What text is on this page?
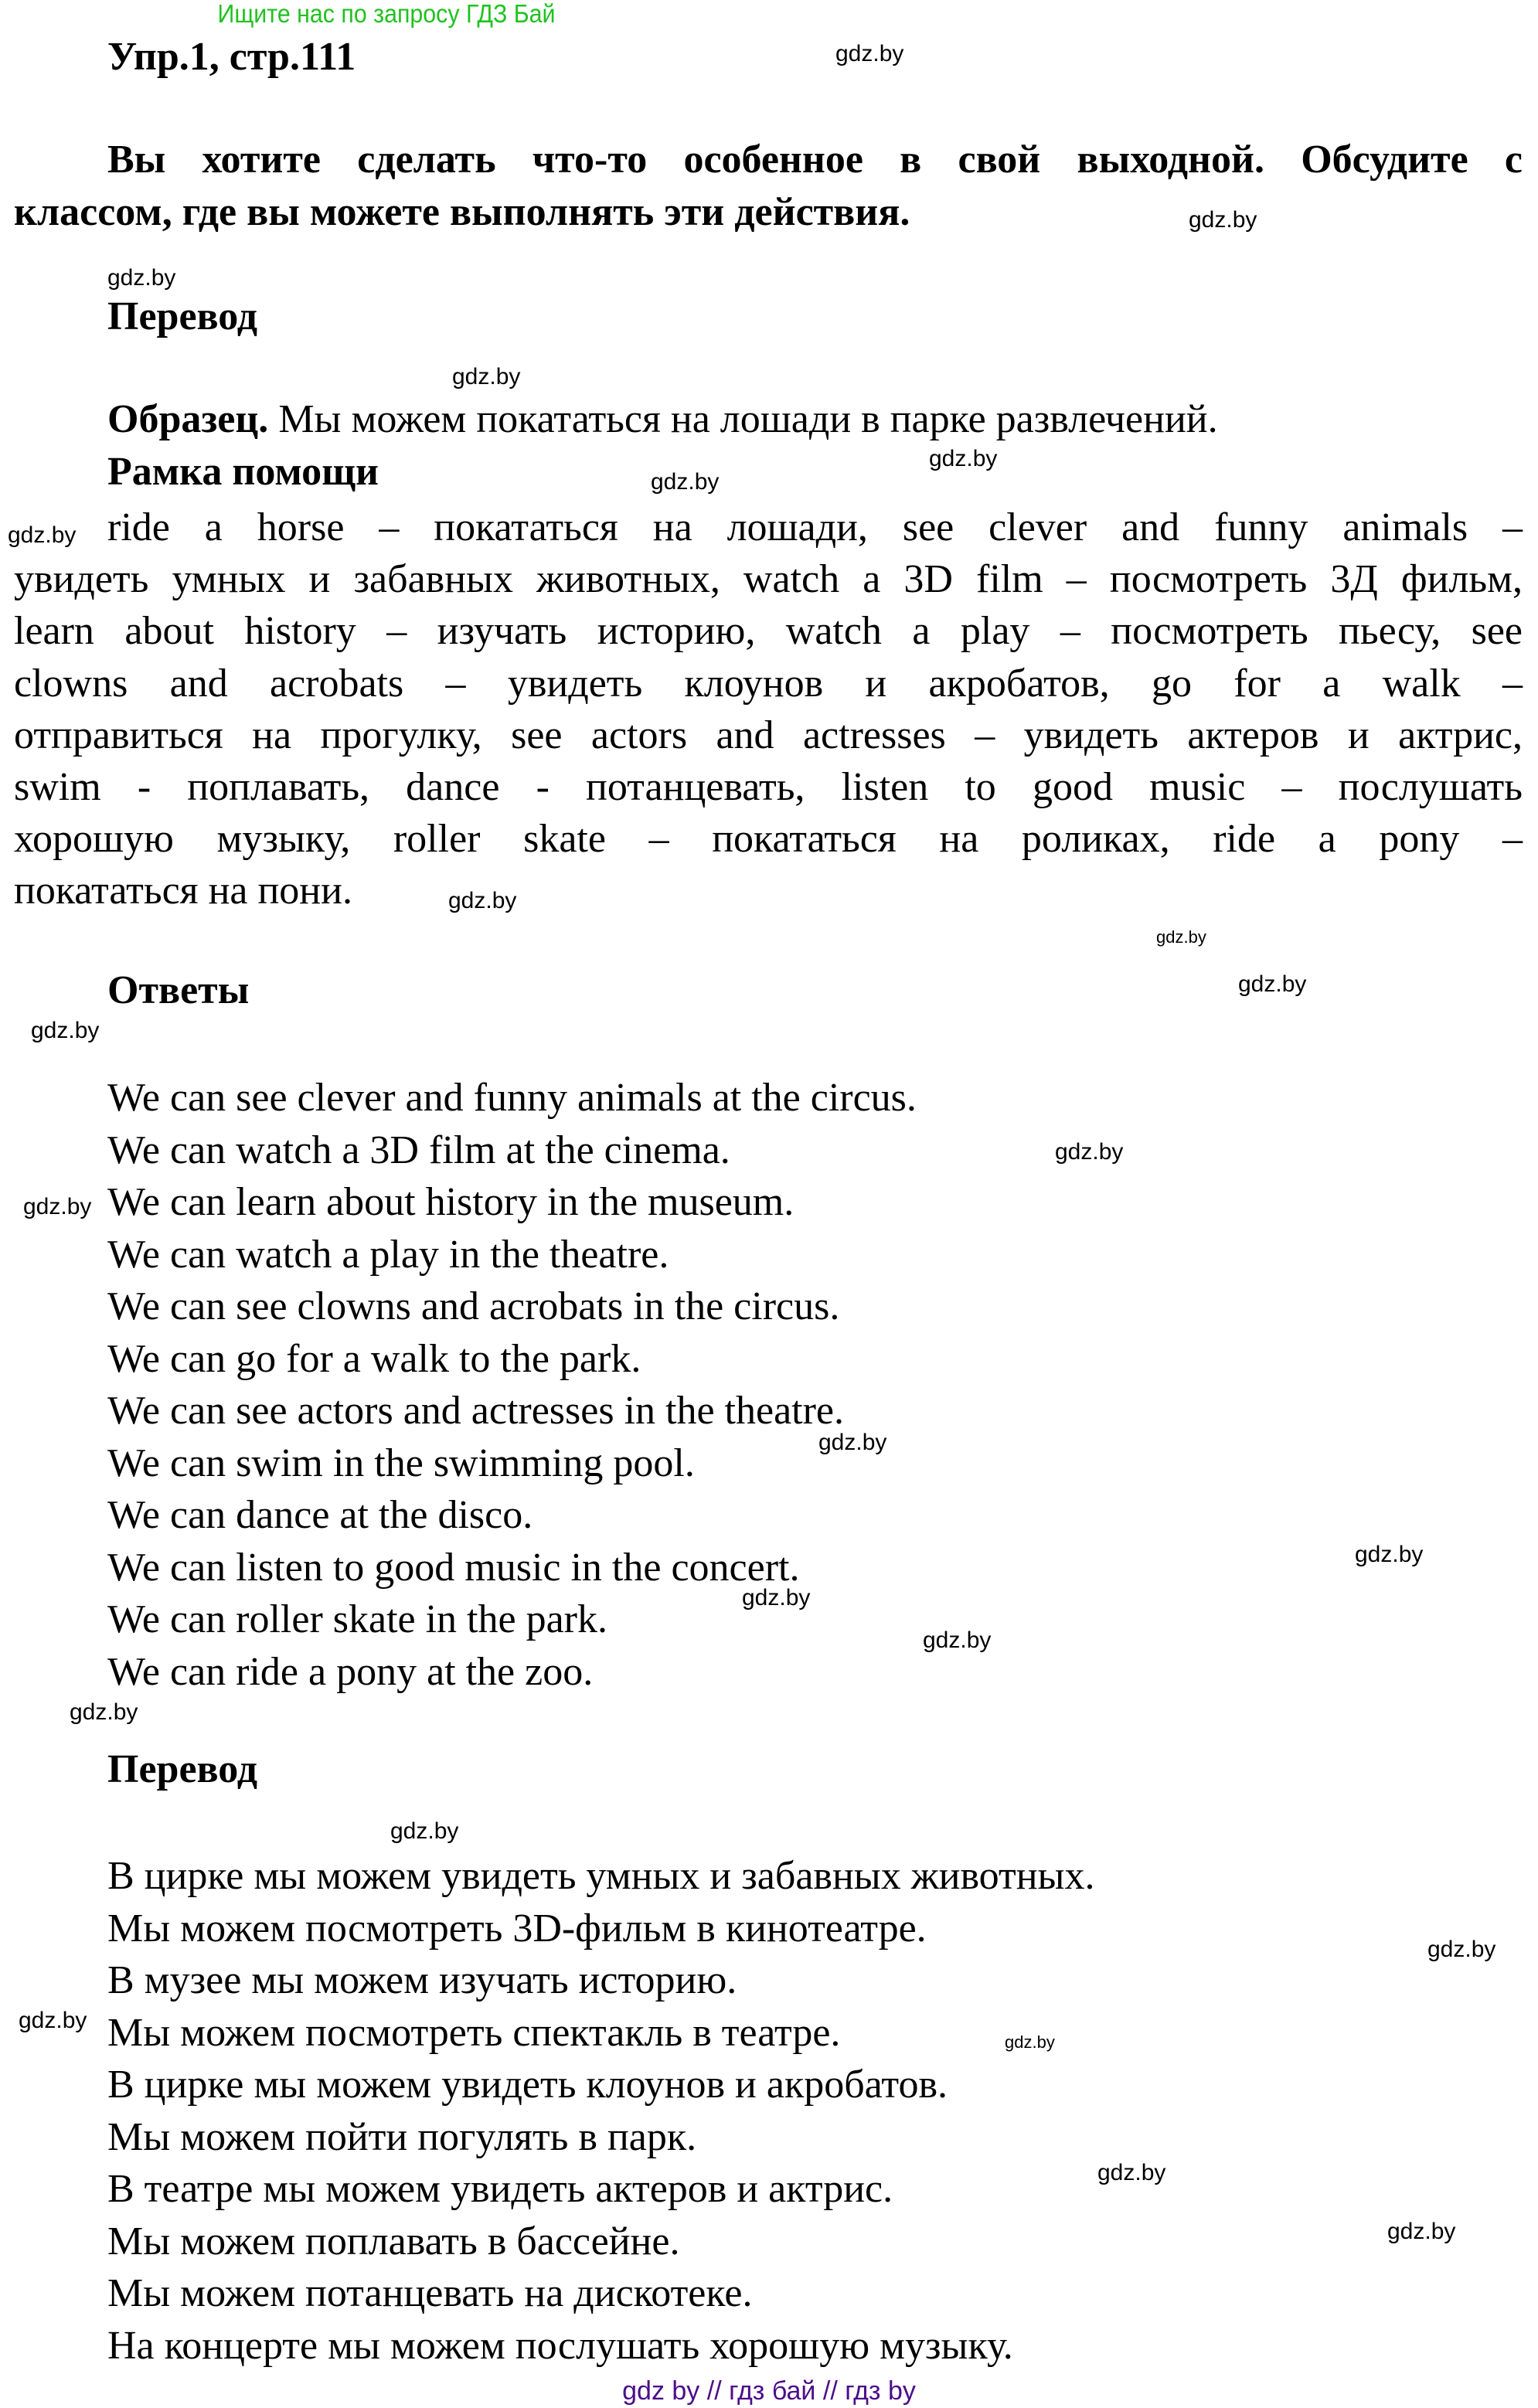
Ищите нас по запросу ГДЗ Бай
Упр.1, стр.111
Вы хотите сделать что-то особенное в свой выходной. Обсудите с
классом, где вы можете выполнять эти действия.
Перевод
Образец. Мы можем покататься на лошади в парке развлечений.
Рамка помощи
ride a horse – покататься на лошади, see clever and funny animals –
увидеть умных и забавных животных, watch a 3D film – посмотреть 3Д фильм,
learn about history – изучать историю, watch a play – посмотреть пьесу, see
clowns and acrobats – увидеть клоунов и акробатов, go for a walk –
отправиться на прогулку, see actors and actresses – увидеть актеров и актрис,
swim - поплавать, dance - потанцевать, listen to good music – послушать
хорошую музыку, roller skate – покататься на роликах, ride a pony –
покататься на пони.
Ответы
We can see clever and funny animals at the circus.
We can watch a 3D film at the cinema.
We can learn about history in the museum.
We can watch a play in the theatre.
We can see clowns and acrobats in the circus.
We can go for a walk to the park.
We can see actors and actresses in the theatre.
We can swim in the swimming pool.
We can dance at the disco.
We can listen to good music in the concert.
We can roller skate in the park.
We can ride a pony at the zoo.
Перевод
В цирке мы можем увидеть умных и забавных животных.
Мы можем посмотреть 3D-фильм в кинотеатре.
В музее мы можем изучать историю.
Мы можем посмотреть спектакль в театре.
В цирке мы можем увидеть клоунов и акробатов.
Мы можем пойти погулять в парк.
В театре мы можем увидеть актеров и актрис.
Мы можем поплавать в бассейне.
Мы можем потанцевать на дискотеке.
На концерте мы можем послушать хорошую музыку.
gdz.by
gdz.by
gdz.by
gdz.by
gdz.by
gdz.by
gdz.by
gdz.by
gdz.by
gdz.by
gdz.by
gdz.by
gdz.by
gdz.by
gdz.by
gdz.by
gdz.by
gdz.by
gdz.by
gdz.by
gdz.by
gdz.by
gdz.by
gdz.by
gdz by // гдз бай // гдз by
